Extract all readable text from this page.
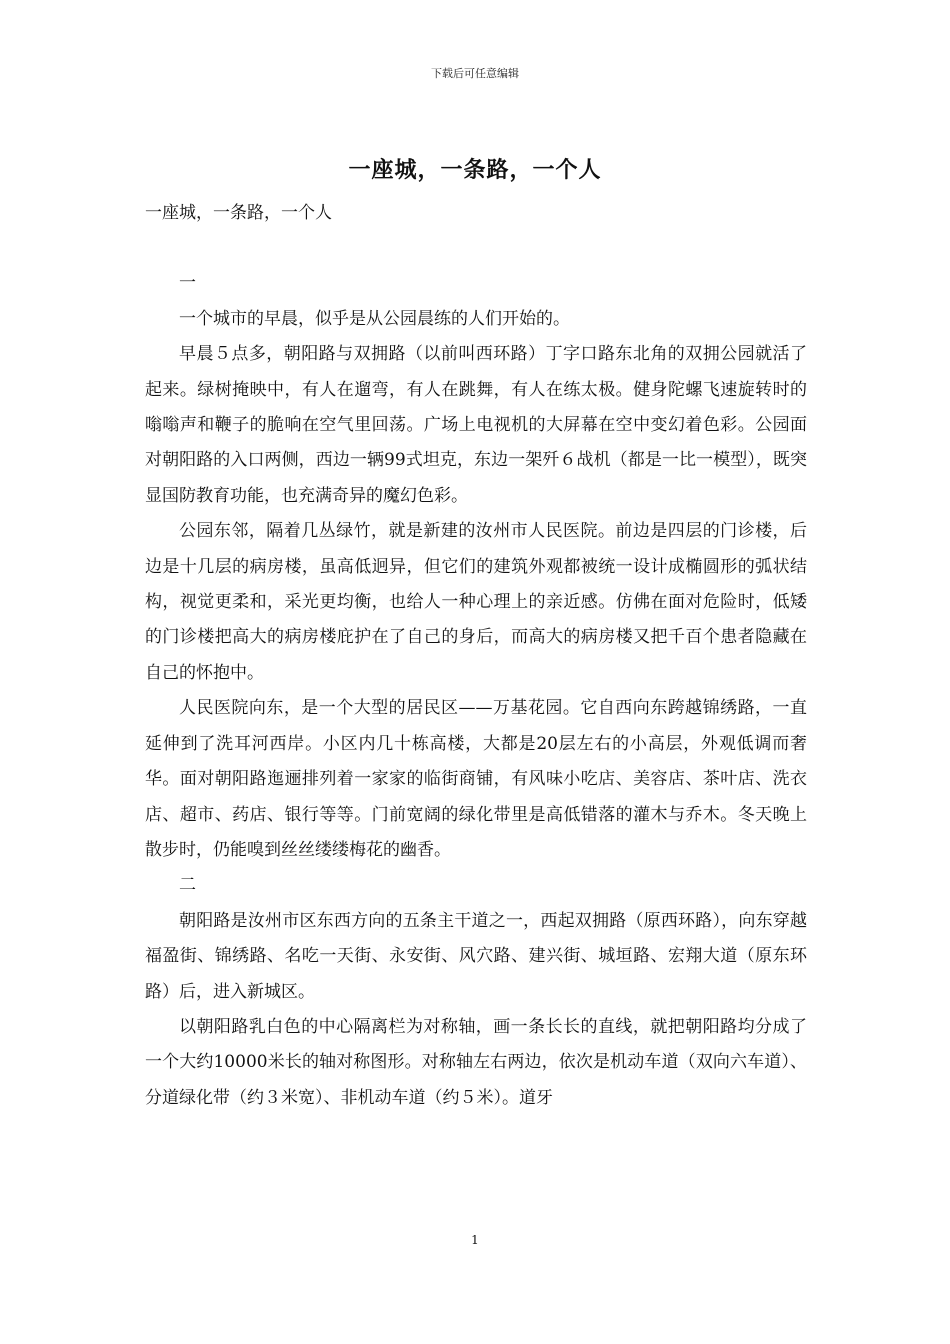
下载后可任意编辑
一座城，一条路，一个人

一座城，一条路，一个人

一

一个城市的早晨，似乎是从公园晨练的人们开始的。

早晨５点多，朝阳路与双拥路（以前叫西环路）丁字口路东北角的双拥公园就活了起来。绿树掩映中，有人在遛弯，有人在跳舞，有人在练太极。健身陀螺飞速旋转时的嗡嗡声和鞭子的脆响在空气里回荡。广场上电视机的大屏幕在空中变幻着色彩。公园面对朝阳路的入口两侧，西边一辆99式坦克，东边一架歼６战机（都是一比一模型），既突显国防教育功能，也充满奇异的魔幻色彩。

公园东邻，隔着几丛绿竹，就是新建的汝州市人民医院。前边是四层的门诊楼，后边是十几层的病房楼，虽高低迥异，但它们的建筑外观都被统一设计成椭圆形的弧状结构，视觉更柔和，采光更均衡，也给人一种心理上的亲近感。仿佛在面对危险时，低矮的门诊楼把高大的病房楼庇护在了自己的身后，而高大的病房楼又把千百个患者隐藏在自己的怀抱中。

人民医院向东，是一个大型的居民区——万基花园。它自西向东跨越锦绣路，一直延伸到了洗耳河西岸。小区内几十栋高楼，大都是20层左右的小高层，外观低调而奢华。面对朝阳路迤逦排列着一家家的临街商铺，有风味小吃店、美容店、茶叶店、洗衣店、超市、药店、银行等等。门前宽阔的绿化带里是高低错落的灌木与乔木。冬天晚上散步时，仍能嗅到丝丝缕缕梅花的幽香。

二

朝阳路是汝州市区东西方向的五条主干道之一，西起双拥路（原西环路），向东穿越福盈街、锦绣路、名吃一天街、永安街、风穴路、建兴街、城垣路、宏翔大道（原东环路）后，进入新城区。

以朝阳路乳白色的中心隔离栏为对称轴，画一条长长的直线，就把朝阳路均分成了一个大约10000米长的轴对称图形。对称轴左右两边，依次是机动车道（双向六车道）、分道绿化带（约３米宽）、非机动车道（约５米）。道牙

1
